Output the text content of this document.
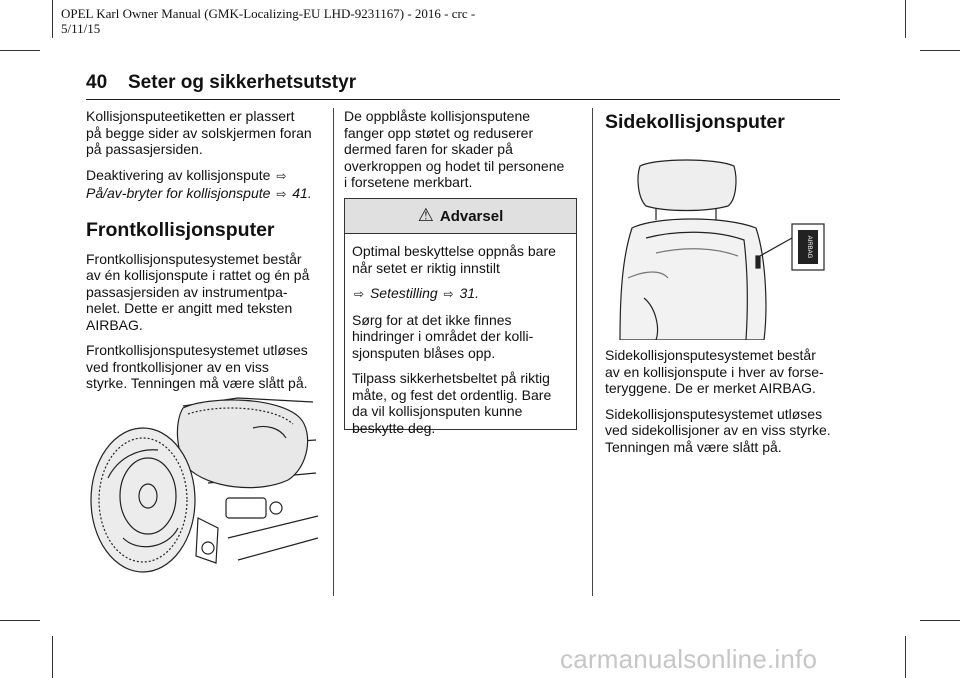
OPEL Karl Owner Manual (GMK-Localizing-EU LHD-9231167) - 2016 - crc -
5/11/15
40 Seter og sikkerhetsutstyr

Kollisjonsputeetiketten er plassert
på begge sider av solskjermen foran
på passasjersiden.

Deaktivering av kollisjonspute ⇨

På/av-bryter for kollisjonspute ⇨ 41.

Frontkollisjonsputer

Frontkollisjonsputesystemet består
av én kollisjonspute i rattet og én på
passasjersiden av instrumentpa-
nelet. Dette er angitt med teksten
AIRBAG.

Frontkollisjonsputesystemet utløses
ved frontkollisjoner av en viss
styrke. Tenningen må være slått på.

De oppblåste kollisjonsputene
fanger opp støtet og reduserer
dermed faren for skader på
overkroppen og hodet til personene
i forsetene merkbart.

⚠ Advarsel

Optimal beskyttelse oppnås bare
når setet er riktig innstilt

⇨ Setestilling ⇨ 31.

Sørg for at det ikke finnes
hindringer i området der kolli-
sjonsputen blåses opp.

Tilpass sikkerhetsbeltet på riktig
måte, og fest det ordentlig. Bare
da vil kollisjonsputen kunne
beskytte deg.

Sidekollisjonsputer
AIRBAG

Sidekollisjonsputesystemet består
av en kollisjonspute i hver av forse-
teryggene. De er merket AIRBAG.

Sidekollisjonsputesystemet utløses
ved sidekollisjoner av en viss styrke.
Tenningen må være slått på.

carmanualsonline.info
